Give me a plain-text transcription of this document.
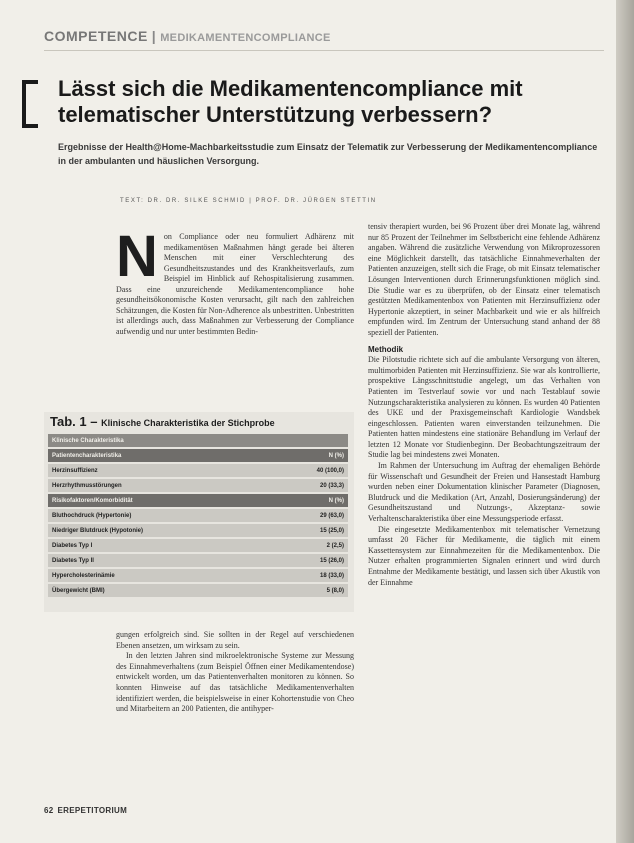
COMPETENCE | MEDIKAMENTENCOMPLIANCE
Lässt sich die Medikamentencompliance mit telematischer Unterstützung verbessern?
Ergebnisse der Health@Home-Machbarkeitsstudie zum Einsatz der Telematik zur Verbesserung der Medikamentencompliance in der ambulanten und häuslichen Versorgung.
TEXT: DR. DR. SILKE SCHMID | PROF. DR. JÜRGEN STETTIN
Non Compliance oder neu formuliert Adhärenz mit medikamentösen Maßnahmen hängt gerade bei älteren Menschen mit einer Verschlechterung des Gesundheitszustandes und des Krankheitsverlaufs, zum Beispiel im Hinblick auf Rehospitalisierung zusammen. Dass eine unzureichende Medikamentencompliance hohe gesundheitsökonomische Kosten verursacht, gilt nach den zahlreichen Schätzungen, die Kosten für Non-Adherence als unbestritten. Unbestritten ist allerdings auch, dass Maßnahmen zur Verbesserung der Compliance aufwendig und nur unter bestimmten Bedin-
Tab. 1 – Klinische Charakteristika der Stichprobe
Klinische Charakteristika	
Patientencharakteristika	N (%)
Herzinsuffizienz	40 (100,0)
Herzrhythmusstörungen	20 (33,3)
Risikofaktoren/Komorbidität	N (%)
Bluthochdruck (Hypertonie)	29 (63,0)
Niedriger Blutdruck (Hypotonie)	15 (25,0)
Diabetes Typ I	2 (2,5)
Diabetes Typ II	15 (26,0)
Hypercholesterinämie	18 (33,0)
Übergewicht (BMI)	5 (8,0)

gungen erfolgreich sind. Sie sollten in der Regel auf verschiedenen Ebenen ansetzen, um wirksam zu sein.

In den letzten Jahren sind mikroelektronische Systeme zur Messung des Einnahmeverhaltens (zum Beispiel Öffnen einer Medikamentendose) entwickelt worden, um das Patientenverhalten monitoren zu können. So konnten Hinweise auf das tatsächliche Medikamentenverhalten identifiziert werden, die beispielsweise in einer Kohortenstudie von Cheo und Mitarbeitern an 200 Patienten, die antihyper-

tensiv therapiert wurden, bei 96 Prozent über drei Monate lag, während nur 85 Prozent der Teilnehmer im Selbstbericht eine fehlende Adhärenz angaben. Während die zusätzliche Verwendung von Mikroprozessoren eine Möglichkeit darstellt, das tatsächliche Einnahmeverhalten der Patienten anzuzeigen, stellt sich die Frage, ob mit Einsatz telematischer Lösungen Interventionen durch Erinnerungsfunktionen möglich sind. Die Studie war es zu überprüfen, ob der Einsatz einer telematisch gestützten Medikamentenbox von Patienten mit Herzinsuffizienz oder Hypertonie akzeptiert, in seiner Machbarkeit und wie er als hilfreich empfunden wird. Im Zentrum der Untersuchung stand anhand der 88 speziell der Patienten.

Methodik

Die Pilotstudie richtete sich auf die ambulante Versorgung von älteren, multimorbiden Patienten mit Herzinsuffizienz. Sie war als kontrollierte, prospektive Längsschnittstudie angelegt, um das Verhalten von Patienten im Testverlauf sowie vor und nach Testablauf sowie Nutzungscharakteristika analysieren zu können. Es wurden 40 Patienten des UKE und der Praxisgemeinschaft Kardiologie Wandsbek eingeschlossen. Patienten waren einverstanden teilzunehmen. Die Patienten hatten mindestens eine stationäre Behandlung im Verlauf der letzten 12 Monate vor Studienbeginn. Der Beobachtungszeitraum der Studie lag bei mindestens zwei Monaten.

Im Rahmen der Untersuchung im Auftrag der ehemaligen Behörde für Wissenschaft und Gesundheit der Freien und Hansestadt Hamburg wurden neben einer Dokumentation klinischer Parameter (Diagnosen, Blutdruck und die Medikation (Art, Anzahl, Dosierungsänderung) der Gesundheitszustand und Nutzungs-, Akzeptanz- sowie Verhaltenscharakteristika über eine Messungsperiode erfasst.

Die eingesetzte Medikamentenbox mit telematischer Vernetzung umfasst 20 Fächer für Medikamente, die täglich mit einem Kassettensystem zur Einnahmezeiten für die Medikamentenbox. Die Nutzer erhalten programmierten Signalen erinnert und wird durch Entnahme der Medikamente bestätigt, und lassen sich über Akustik von der Einnahme

62 EREPETITORIUM
